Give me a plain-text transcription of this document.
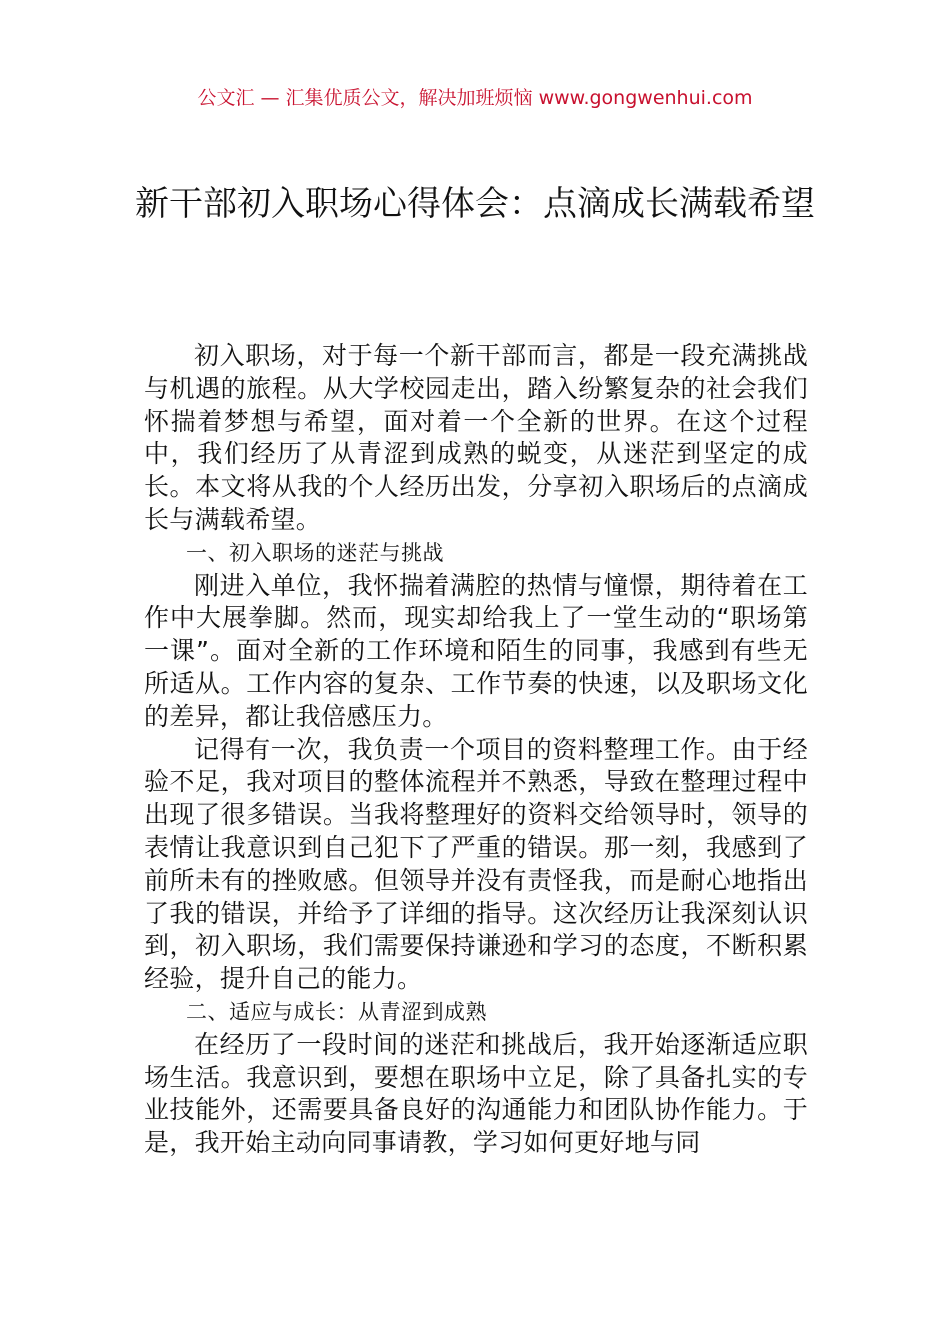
公文汇 — 汇集优质公文，解决加班烦恼 www.gongwenhui.com
新干部初入职场心得体会：点滴成长满载希望

初入职场，对于每一个新干部而言，都是一段充满挑战与机遇的旅程。从大学校园走出，踏入纷繁复杂的社会我们怀揣着梦想与希望，面对着一个全新的世界。在这个过程中，我们经历了从青涩到成熟的蜕变，从迷茫到坚定的成长。本文将从我的个人经历出发，分享初入职场后的点滴成长与满载希望。

一、初入职场的迷茫与挑战

刚进入单位，我怀揣着满腔的热情与憧憬，期待着在工作中大展拳脚。然而，现实却给我上了一堂生动的“职场第一课”。面对全新的工作环境和陌生的同事，我感到有些无所适从。工作内容的复杂、工作节奏的快速，以及职场文化的差异，都让我倍感压力。

记得有一次，我负责一个项目的资料整理工作。由于经验不足，我对项目的整体流程并不熟悉，导致在整理过程中出现了很多错误。当我将整理好的资料交给领导时，领导的表情让我意识到自己犯下了严重的错误。那一刻，我感到了前所未有的挫败感。但领导并没有责怪我，而是耐心地指出了我的错误，并给予了详细的指导。这次经历让我深刻认识到，初入职场，我们需要保持谦逊和学习的态度，不断积累经验，提升自己的能力。

二、适应与成长：从青涩到成熟

在经历了一段时间的迷茫和挑战后，我开始逐渐适应职场生活。我意识到，要想在职场中立足，除了具备扎实的专业技能外，还需要具备良好的沟通能力和团队协作能力。于是，我开始主动向同事请教，学习如何更好地与同
